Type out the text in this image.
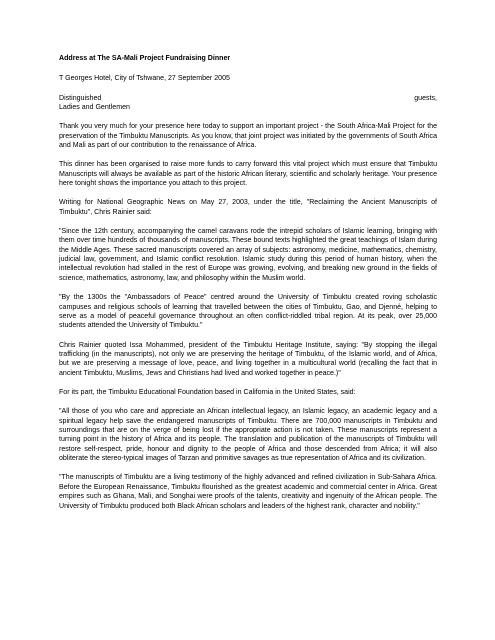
Address at The SA-Mali Project Fundraising Dinner

T Georges Hotel, City of Tshwane, 27 September 2005

Distinguished	guests,
Ladies and Gentlemen

Thank you very much for your presence here today to support an important project - the South Africa-Mali Project for the preservation of the Timbuktu Manuscripts. As you know, that joint project was initiated by the governments of South Africa and Mali as part of our contribution to the renaissance of Africa.

This dinner has been organised to raise more funds to carry forward this vital project which must ensure that Timbuktu Manuscripts will always be available as part of the historic African literary, scientific and scholarly heritage. Your presence here tonight shows the importance you attach to this project.

Writing for National Geographic News on May 27, 2003, under the title, "Reclaiming the Ancient Manuscripts of Timbuktu", Chris Rainier said:

"Since the 12th century, accompanying the camel caravans rode the intrepid scholars of Islamic learning, bringing with them over time hundreds of thousands of manuscripts. These bound texts highlighted the great teachings of Islam during the Middle Ages. These sacred manuscripts covered an array of subjects: astronomy, medicine, mathematics, chemistry, judicial law, government, and Islamic conflict resolution. Islamic study during this period of human history, when the intellectual revolution had stalled in the rest of Europe was growing, evolving, and breaking new ground in the fields of science, mathematics, astronomy, law, and philosophy within the Muslim world.

"By the 1300s the "Ambassadors of Peace" centred around the University of Timbuktu created roving scholastic campuses and religious schools of learning that travelled between the cities of Timbuktu, Gao, and Djenné, helping to serve as a model of peaceful governance throughout an often conflict-riddled tribal region. At its peak, over 25,000 students attended the University of Timbuktu."

Chris Rainier quoted Issa Mohammed, president of the Timbuktu Heritage Institute, saying: "By stopping the illegal trafficking (in the manuscripts), not only we are preserving the heritage of Timbuktu, of the Islamic world, and of Africa, but we are preserving a message of love, peace, and living together in a multicultural world (recalling the fact that in ancient Timbuktu, Muslims, Jews and Christians had lived and worked together in peace.)"

For its part, the Timbuktu Educational Foundation based in California in the United States, said:

"All those of you who care and appreciate an African intellectual legacy, an Islamic legacy, an academic legacy and a spiritual legacy help save the endangered manuscripts of Timbuktu. There are 700,000 manuscripts in Timbuktu and surroundings that are on the verge of being lost if the appropriate action is not taken. These manuscripts represent a turning point in the history of Africa and its people. The translation and publication of the manuscripts of Timbuktu will restore self-respect, pride, honour and dignity to the people of Africa and those descended from Africa; it will also obliterate the stereo-typical images of Tarzan and primitive savages as true representation of Africa and its civilization.

"The manuscripts of Timbuktu are a living testimony of the highly advanced and refined civilization in Sub-Sahara Africa. Before the European Renaissance, Timbuktu flourished as the greatest academic and commercial center in Africa. Great empires such as Ghana, Mali, and Songhai were proofs of the talents, creativity and ingenuity of the African people. The University of Timbuktu produced both Black African scholars and leaders of the highest rank, character and nobility."
